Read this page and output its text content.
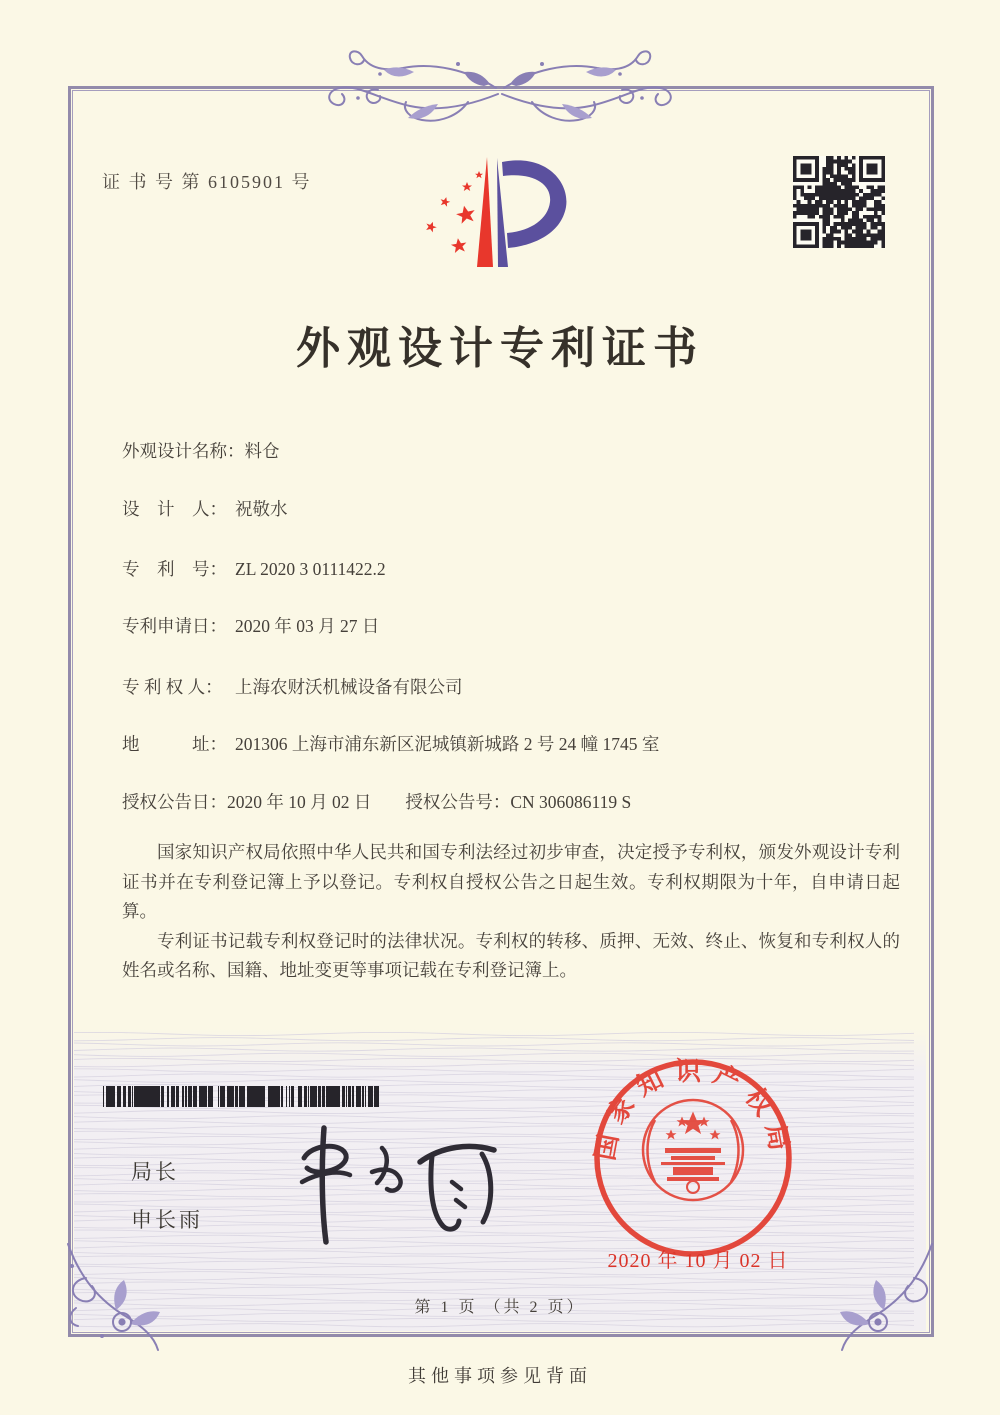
证 书 号 第 6105901 号
外观设计专利证书
外观设计名称：料仓
设　计　人： 祝敬水
专　利　号： ZL 2020 3 0111422.2
专利申请日： 2020 年 03 月 27 日
专 利 权 人： 上海农财沃机械设备有限公司
地　　　址： 201306 上海市浦东新区泥城镇新城路 2 号 24 幢 1745 室
授权公告日：2020 年 10 月 02 日 授权公告号：CN 306086119 S

国家知识产权局依照中华人民共和国专利法经过初步审查，决定授予专利权，颁发外观设计专利证书并在专利登记簿上予以登记。专利权自授权公告之日起生效。专利权期限为十年，自申请日起算。

专利证书记载专利权登记时的法律状况。专利权的转移、质押、无效、终止、恢复和专利权人的姓名或名称、国籍、地址变更等事项记载在专利登记簿上。

局长
申长雨
国家知识产权局
2020 年 10 月 02 日
第 1 页 （共 2 页）
其他事项参见背面
